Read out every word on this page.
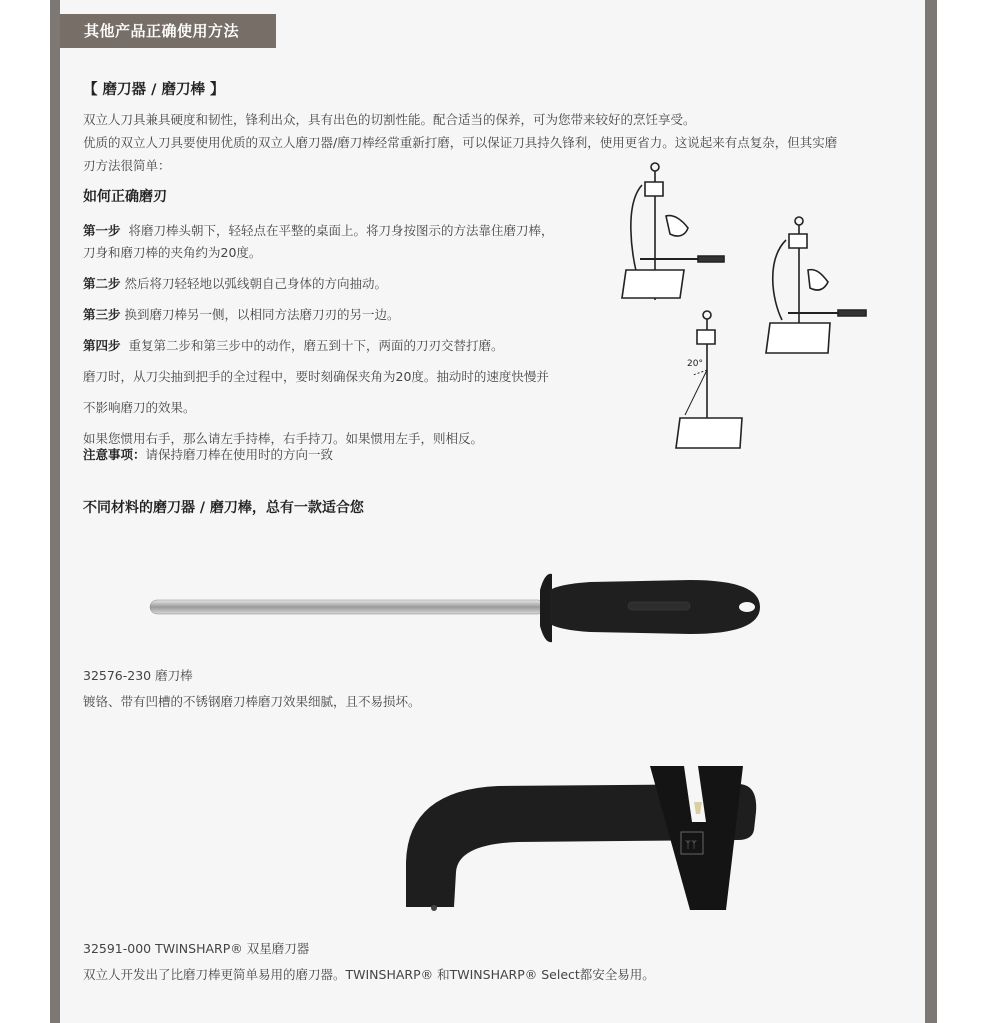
其他产品正确使用方法
【 磨刀器 / 磨刀棒 】
双立人刀具兼具硬度和韧性，锋利出众，具有出色的切割性能。配合适当的保养，可为您带来较好的烹饪享受。
优质的双立人刀具要使用优质的双立人磨刀器/磨刀棒经常重新打磨，可以保证刀具持久锋利，使用更省力。这说起来有点复杂，但其实磨
刃方法很简单：
如何正确磨刃
第一步 将磨刀棒头朝下，轻轻点在平整的桌面上。将刀身按图示的方法靠住磨刀棒，
刀身和磨刀棒的夹角约为20度。
第二步 然后将刀轻轻地以弧线朝自己身体的方向抽动。
第三步 换到磨刀棒另一侧，以相同方法磨刀刃的另一边。
第四步 重复第二步和第三步中的动作，磨五到十下，两面的刀刃交替打磨。
磨刀时，从刀尖抽到把手的全过程中，要时刻确保夹角为20度。抽动时的速度快慢并
不影响磨刀的效果。
如果您惯用右手，那么请左手持棒，右手持刀。如果惯用左手，则相反。
注意事项：请保持磨刀棒在使用时的方向一致
20°
不同材料的磨刀器 / 磨刀棒，总有一款适合您
32576-230 磨刀棒
镀铬、带有凹槽的不锈钢磨刀棒磨刀效果细腻，且不易损坏。
ᛉᛉ
32591-000 TWINSHARP® 双星磨刀器
双立人开发出了比磨刀棒更简单易用的磨刀器。TWINSHARP® 和TWINSHARP® Select都安全易用。
